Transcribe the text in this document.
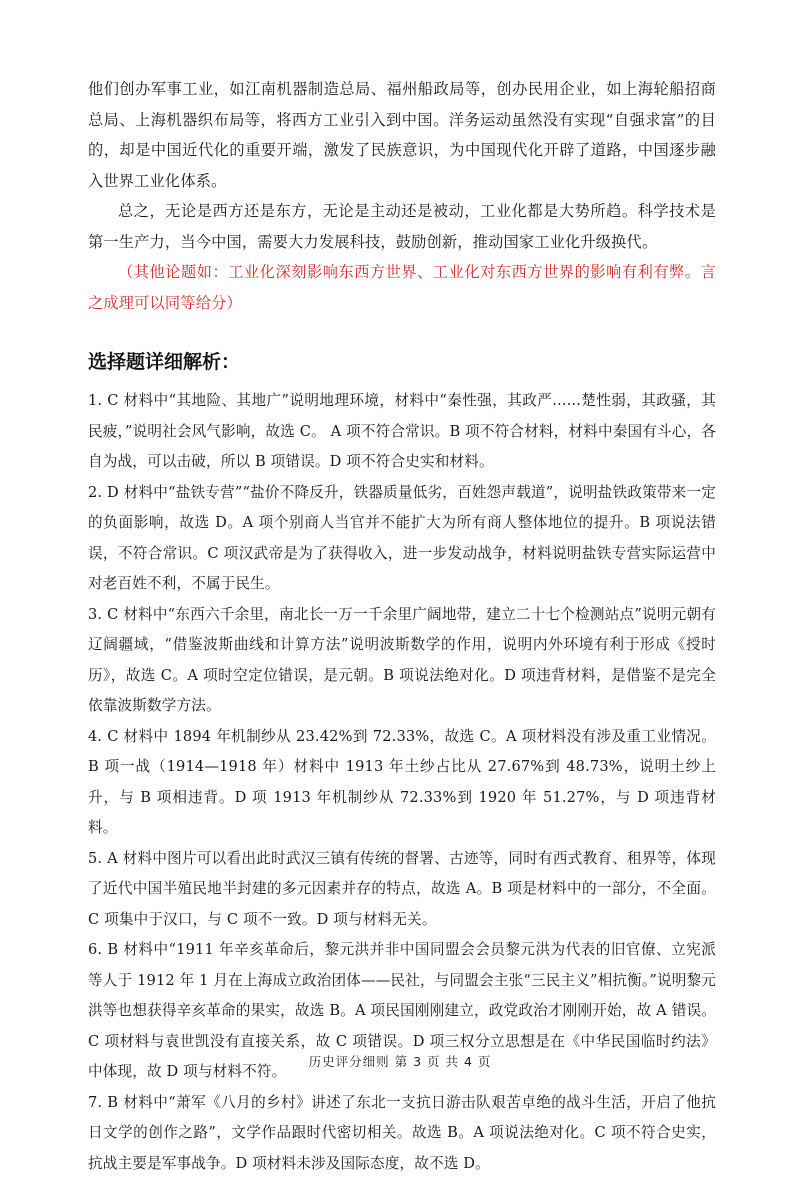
他们创办军事工业，如江南机器制造总局、福州船政局等，创办民用企业，如上海轮船招商总局、上海机器织布局等，将西方工业引入到中国。洋务运动虽然没有实现“自强求富”的目的，却是中国近代化的重要开端，激发了民族意识，为中国现代化开辟了道路，中国逐步融入世界工业化体系。

总之，无论是西方还是东方，无论是主动还是被动，工业化都是大势所趋。科学技术是第一生产力，当今中国，需要大力发展科技，鼓励创新，推动国家工业化升级换代。

（其他论题如：工业化深刻影响东西方世界、工业化对东西方世界的影响有利有弊。言之成理可以同等给分）

选择题详细解析：

1. C 材料中“其地险、其地广”说明地理环境，材料中“秦性强，其政严......楚性弱，其政骚，其民疲，”说明社会风气影响，故选 C。 A 项不符合常识。B 项不符合材料，材料中秦国有斗心，各自为战，可以击破，所以 B 项错误。D 项不符合史实和材料。

2. D 材料中“盐铁专营”“盐价不降反升，铁器质量低劣，百姓怨声载道”，说明盐铁政策带来一定的负面影响，故选 D。A 项个别商人当官并不能扩大为所有商人整体地位的提升。B 项说法错误，不符合常识。C 项汉武帝是为了获得收入，进一步发动战争，材料说明盐铁专营实际运营中对老百姓不利，不属于民生。

3. C 材料中“东西六千余里，南北长一万一千余里广阔地带，建立二十七个检测站点”说明元朝有辽阔疆域，“借鉴波斯曲线和计算方法”说明波斯数学的作用，说明内外环境有利于形成《授时历》，故选 C。A 项时空定位错误，是元朝。B 项说法绝对化。D 项违背材料，是借鉴不是完全依靠波斯数学方法。

4. C 材料中 1894 年机制纱从 23.42%到 72.33%，故选 C。A 项材料没有涉及重工业情况。B 项一战（1914—1918 年）材料中 1913 年土纱占比从 27.67%到 48.73%，说明土纱上升，与 B 项相违背。D 项 1913 年机制纱从 72.33%到 1920 年 51.27%，与 D 项违背材料。

5. A 材料中图片可以看出此时武汉三镇有传统的督署、古迹等，同时有西式教育、租界等，体现了近代中国半殖民地半封建的多元因素并存的特点，故选 A。B 项是材料中的一部分，不全面。C 项集中于汉口，与 C 项不一致。D 项与材料无关。

6. B 材料中“1911 年辛亥革命后，黎元洪并非中国同盟会会员黎元洪为代表的旧官僚、立宪派等人于 1912 年 1 月在上海成立政治团体——民社，与同盟会主张“三民主义”相抗衡。”说明黎元洪等也想获得辛亥革命的果实，故选 B。A 项民国刚刚建立，政党政治才刚刚开始，故 A 错误。C 项材料与袁世凯没有直接关系，故 C 项错误。D 项三权分立思想是在《中华民国临时约法》中体现，故 D 项与材料不符。

7. B 材料中“萧军《八月的乡村》讲述了东北一支抗日游击队艰苦卓绝的战斗生活，开启了他抗日文学的创作之路”，文学作品跟时代密切相关。故选 B。A 项说法绝对化。C 项不符合史实，抗战主要是军事战争。D 项材料未涉及国际态度，故不选 D。

历史评分细则 第 3 页 共 4 页
